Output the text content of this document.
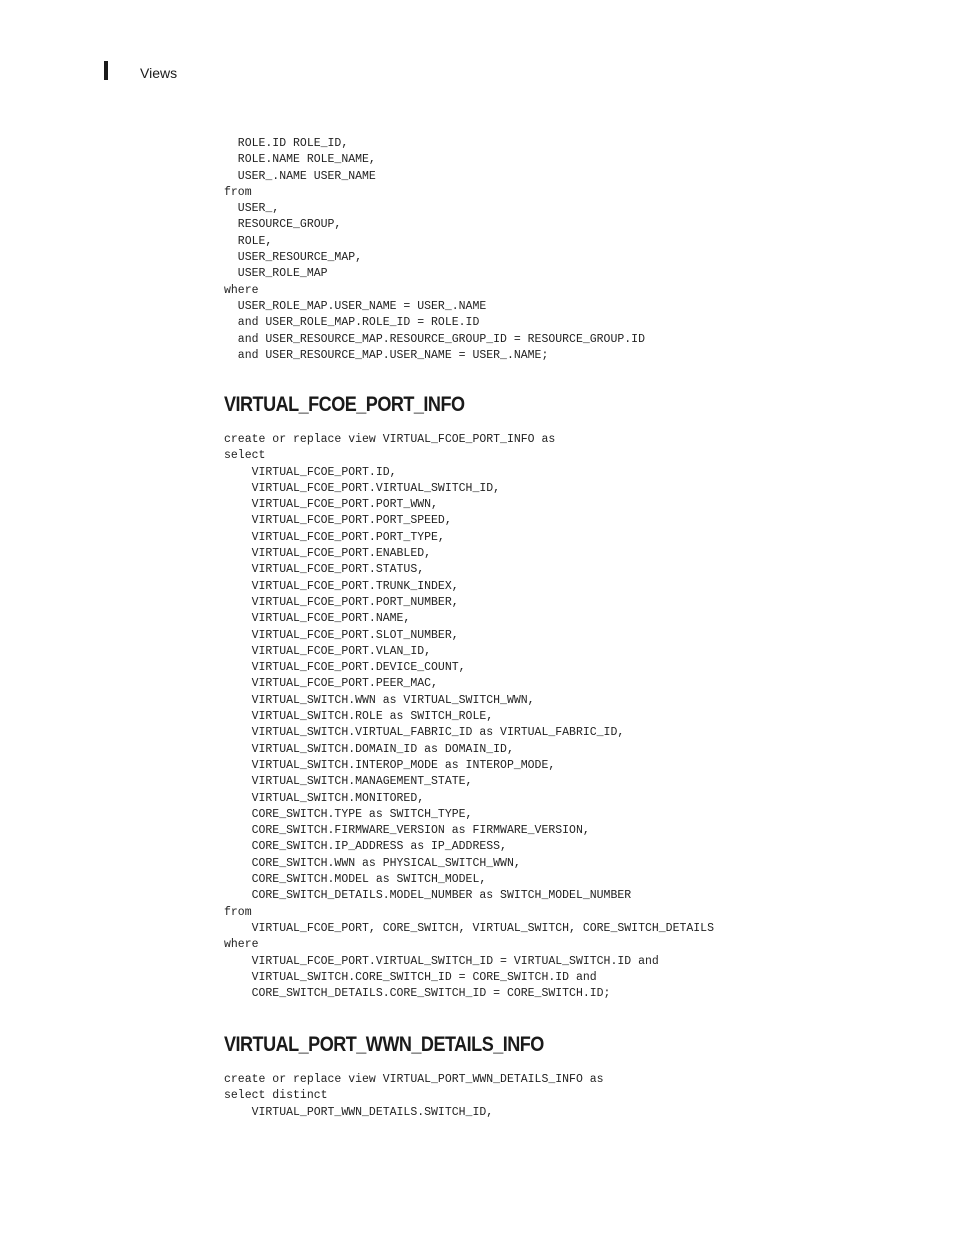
Views
ROLE.ID ROLE_ID,
ROLE.NAME ROLE_NAME,
USER_.NAME USER_NAME
from
USER_,
RESOURCE_GROUP,
ROLE,
USER_RESOURCE_MAP,
USER_ROLE_MAP
where
USER_ROLE_MAP.USER_NAME = USER_.NAME
and USER_ROLE_MAP.ROLE_ID = ROLE.ID
and USER_RESOURCE_MAP.RESOURCE_GROUP_ID = RESOURCE_GROUP.ID
and USER_RESOURCE_MAP.USER_NAME = USER_.NAME;
VIRTUAL_FCOE_PORT_INFO
create or replace view VIRTUAL_FCOE_PORT_INFO as
select
VIRTUAL_FCOE_PORT.ID,
VIRTUAL_FCOE_PORT.VIRTUAL_SWITCH_ID,
VIRTUAL_FCOE_PORT.PORT_WWN,
VIRTUAL_FCOE_PORT.PORT_SPEED,
VIRTUAL_FCOE_PORT.PORT_TYPE,
VIRTUAL_FCOE_PORT.ENABLED,
VIRTUAL_FCOE_PORT.STATUS,
VIRTUAL_FCOE_PORT.TRUNK_INDEX,
VIRTUAL_FCOE_PORT.PORT_NUMBER,
VIRTUAL_FCOE_PORT.NAME,
VIRTUAL_FCOE_PORT.SLOT_NUMBER,
VIRTUAL_FCOE_PORT.VLAN_ID,
VIRTUAL_FCOE_PORT.DEVICE_COUNT,
VIRTUAL_FCOE_PORT.PEER_MAC,
VIRTUAL_SWITCH.WWN as VIRTUAL_SWITCH_WWN,
VIRTUAL_SWITCH.ROLE as SWITCH_ROLE,
VIRTUAL_SWITCH.VIRTUAL_FABRIC_ID as VIRTUAL_FABRIC_ID,
VIRTUAL_SWITCH.DOMAIN_ID as DOMAIN_ID,
VIRTUAL_SWITCH.INTEROP_MODE as INTEROP_MODE,
VIRTUAL_SWITCH.MANAGEMENT_STATE,
VIRTUAL_SWITCH.MONITORED,
CORE_SWITCH.TYPE as SWITCH_TYPE,
CORE_SWITCH.FIRMWARE_VERSION as FIRMWARE_VERSION,
CORE_SWITCH.IP_ADDRESS as IP_ADDRESS,
CORE_SWITCH.WWN as PHYSICAL_SWITCH_WWN,
CORE_SWITCH.MODEL as SWITCH_MODEL,
CORE_SWITCH_DETAILS.MODEL_NUMBER as SWITCH_MODEL_NUMBER
from
VIRTUAL_FCOE_PORT, CORE_SWITCH, VIRTUAL_SWITCH, CORE_SWITCH_DETAILS
where
VIRTUAL_FCOE_PORT.VIRTUAL_SWITCH_ID = VIRTUAL_SWITCH.ID and
VIRTUAL_SWITCH.CORE_SWITCH_ID = CORE_SWITCH.ID and
CORE_SWITCH_DETAILS.CORE_SWITCH_ID = CORE_SWITCH.ID;
VIRTUAL_PORT_WWN_DETAILS_INFO
create or replace view VIRTUAL_PORT_WWN_DETAILS_INFO as
select distinct
VIRTUAL_PORT_WWN_DETAILS.SWITCH_ID,
